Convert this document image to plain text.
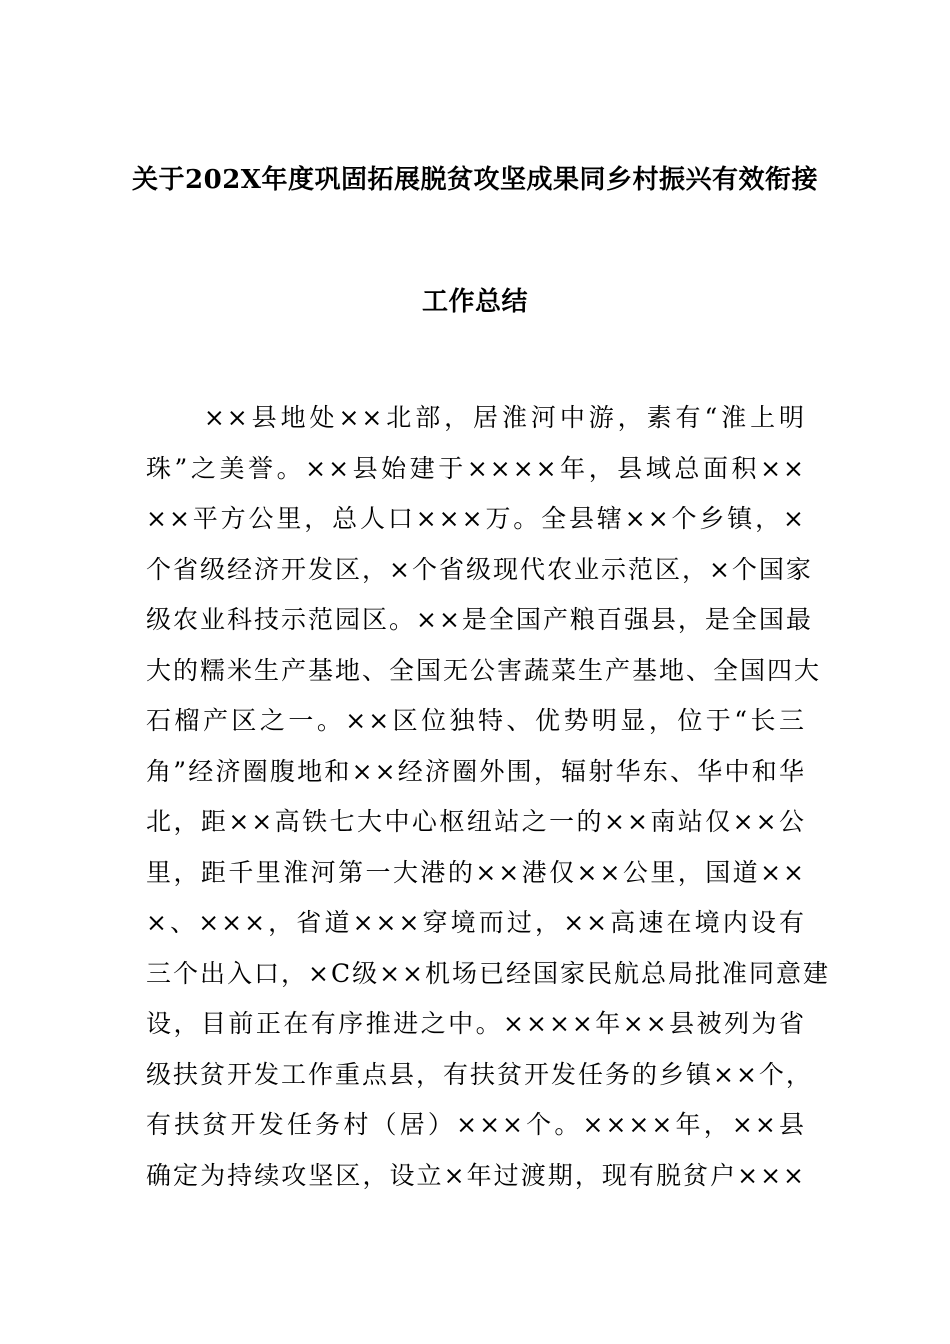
关于202X年度巩固拓展脱贫攻坚成果同乡村振兴有效衔接
工作总结
　　××县地处××北部，居淮河中游，素有“淮上明
珠”之美誉。××县始建于××××年，县域总面积××
××平方公里，总人口×××万。全县辖××个乡镇，×
个省级经济开发区，×个省级现代农业示范区，×个国家
级农业科技示范园区。××是全国产粮百强县，是全国最
大的糯米生产基地、全国无公害蔬菜生产基地、全国四大
石榴产区之一。××区位独特、优势明显，位于“长三
角”经济圈腹地和××经济圈外围，辐射华东、华中和华
北，距××高铁七大中心枢纽站之一的××南站仅××公
里，距千里淮河第一大港的××港仅××公里，国道××
×、×××，省道×××穿境而过，××高速在境内设有
三个出入口，×C级××机场已经国家民航总局批准同意建
设，目前正在有序推进之中。××××年××县被列为省
级扶贫开发工作重点县，有扶贫开发任务的乡镇××个，
有扶贫开发任务村（居）×××个。××××年，××县
确定为持续攻坚区，设立×年过渡期，现有脱贫户×××
